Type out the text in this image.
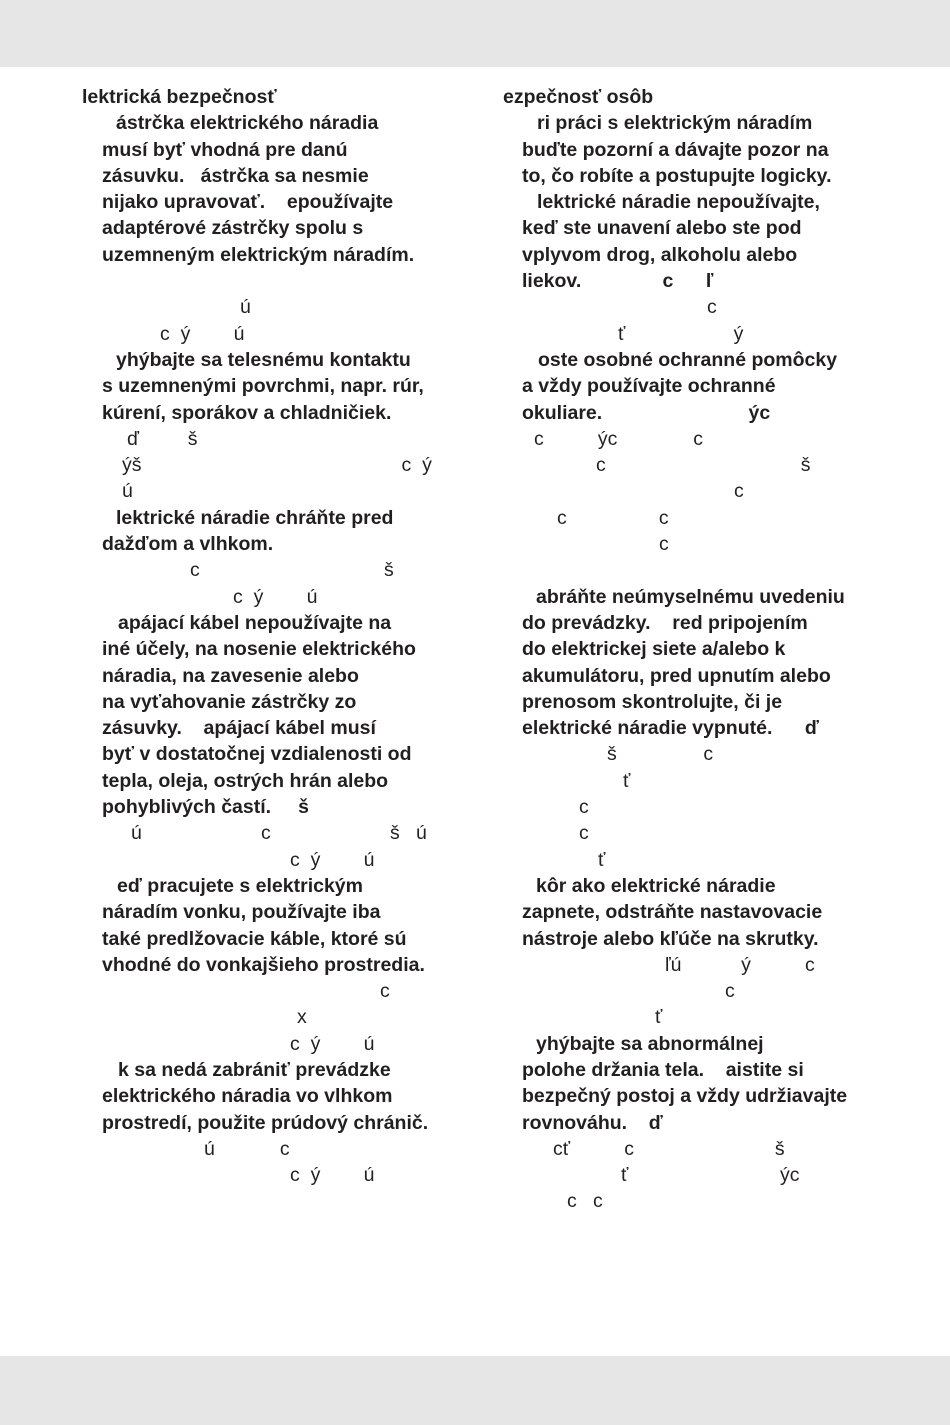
lektrická bezpečnosť
ástrčka elektrického náradia
musí byť vhodná pre danú
zásuvku.   ástrčka sa nesmie
nijako upravovať.    epoužívajte
adaptérové zástrčky spolu s
uzemneným elektrickým náradím.
ú
c  ý        ú
yhýbajte sa telesnému kontaktu
s uzemnenými povrchmi, napr. rúr,
kúrení, sporákov a chladničiek.
ď         š
ýš                                                c  ý
ú
lektrické náradie chráňte pred
dažďom a vlhkom.
c                                  š
c  ý        ú
apájací kábel nepoužívajte na
iné účely, na nosenie elektrického
náradia, na zavesenie alebo
na vyťahovanie zástrčky zo
zásuvky.    apájací kábel musí
byť v dostatočnej vzdialenosti od
tepla, oleja, ostrých hrán alebo
pohyblivých častí.     š
ú                      c                      š   ú
c  ý        ú
eď pracujete s elektrickým
náradím vonku, používajte iba
také predlžovacie káble, ktoré sú
vhodné do vonkajšieho prostredia.
c
x
c  ý        ú
k sa nedá zabrániť prevádzke
elektrického náradia vo vlhkom
prostredí, použite prúdový chránič.
ú            c
c  ý        ú
ezpečnosť osôb
ri práci s elektrickým náradím
buďte pozorní a dávajte pozor na
to, čo robíte a postupujte logicky.
lektrické náradie nepoužívajte,
keď ste unavení alebo ste pod
vplyvom drog, alkoholu alebo
liekov.               c      ľ
c
ť                    ý
oste osobné ochranné pomôcky
a vždy používajte ochranné
okuliare.                           ýc
c          ýc              c
c                                    š
c
c                 c
c
abráňte neúmyselnému uvedeniu
do prevádzky.    red pripojením
do elektrickej siete a/alebo k
akumulátoru, pred upnutím alebo
prenosom skontrolujte, či je
elektrické náradie vypnuté.      ď
š                c
ť
c
c
ť
kôr ako elektrické náradie
zapnete, odstráňte nastavovacie
nástroje alebo kľúče na skrutky.
ľú           ý          c
c
ť
yhýbajte sa abnormálnej
polohe držania tela.    aistite si
bezpečný postoj a vždy udržiavajte
rovnováhu.    ď
cť          c                          š
ť                            ýc
c   c
